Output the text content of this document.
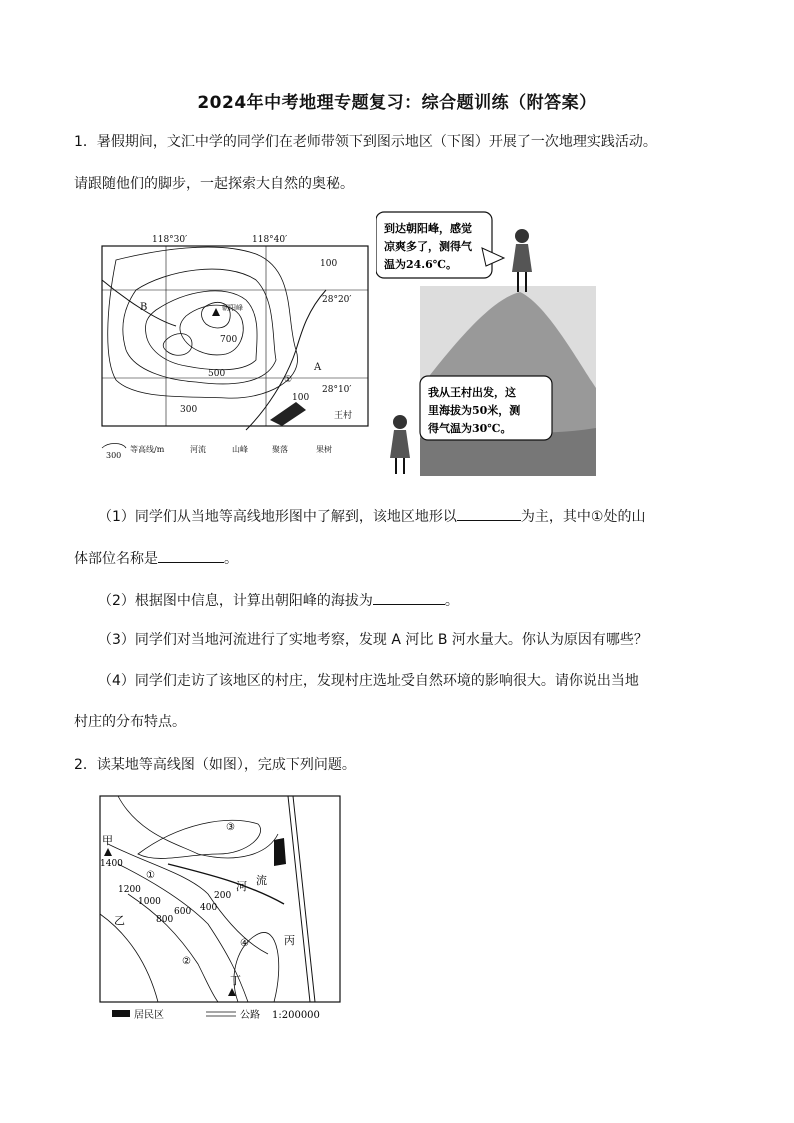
2024年中考地理专题复习：综合题训练（附答案）
1．暑假期间，文汇中学的同学们在老师带领下到图示地区（下图）开展了一次地理实践活动。
请跟随他们的脚步，一起探索大自然的奥秘。
118°30′	118°40′
28°20′
28°10′
朝阳峰
100
700
500
300
100
B
A
①
王村
300
等高线/m	河流	山峰	聚落	果树
到达朝阳峰，感觉
凉爽多了，测得气
温为24.6℃。
我从王村出发，这
里海拔为50米，测
得气温为30℃。
（1）同学们从当地等高线地形图中了解到，该地区地形以	为主，其中①处的山
体部位名称是	。
（2）根据图中信息，计算出朝阳峰的海拔为	。
（3）同学们对当地河流进行了实地考察，发现 A 河比 B 河水量大。你认为原因有哪些？
（4）同学们走访了该地区的村庄，发现村庄选址受自然环境的影响很大。请你说出当地
村庄的分布特点。
2．读某地等高线图（如图），完成下列问题。
甲
1400
1200
1000
800
600 400
200
乙
河 流
丙
丁
①
②
③
④
居民区	公路 1:200000
